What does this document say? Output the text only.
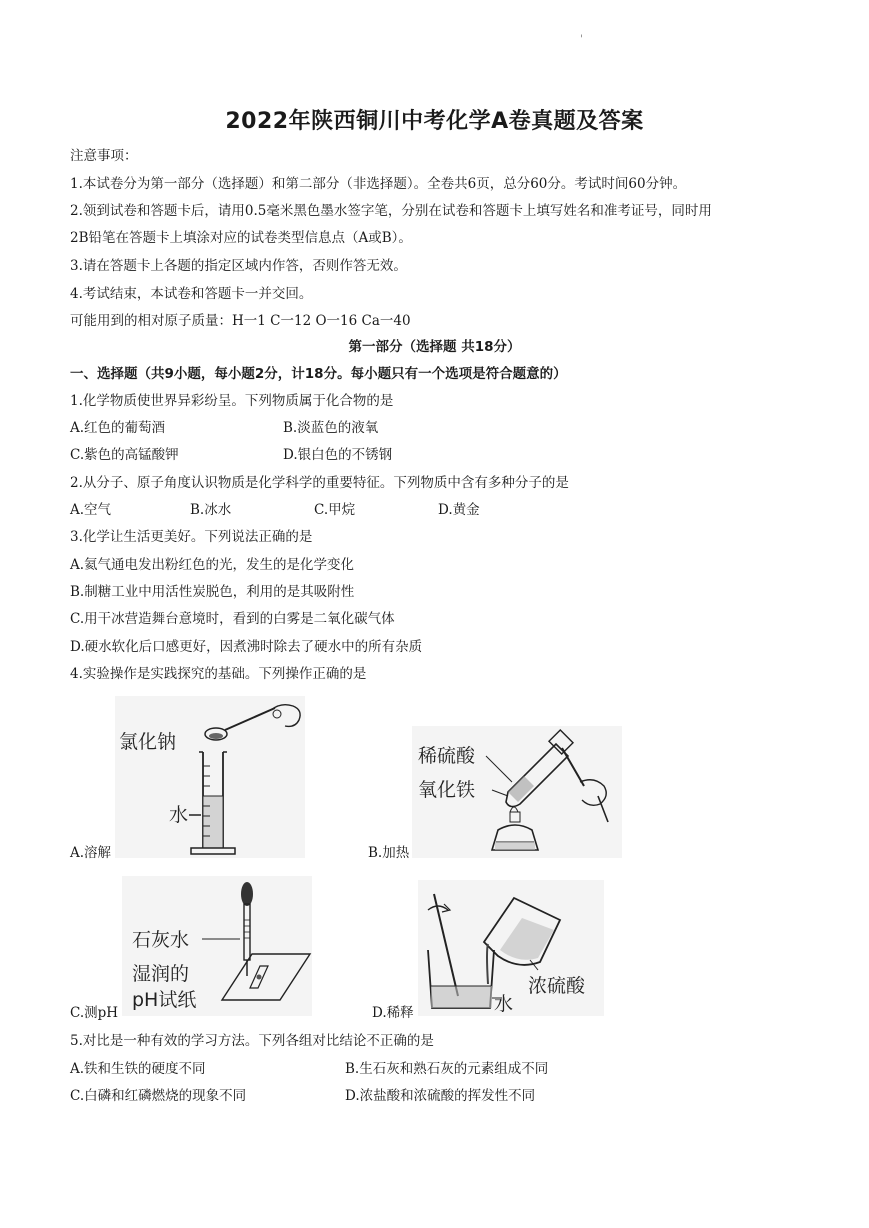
'
2022年陕西铜川中考化学A卷真题及答案
注意事项：
1.本试卷分为第一部分（选择题）和第二部分（非选择题）。全卷共6页，总分60分。考试时间60分钟。
2.领到试卷和答题卡后，请用0.5毫米黑色墨水签字笔，分别在试卷和答题卡上填写姓名和准考证号，同时用
2B铅笔在答题卡上填涂对应的试卷类型信息点（A或B）。
3.请在答题卡上各题的指定区域内作答，否则作答无效。
4.考试结束，本试卷和答题卡一并交回。
可能用到的相对原子质量：H一1 C一12 O一16 Ca一40
第一部分（选择题 共18分）
一、选择题（共9小题，每小题2分，计18分。每小题只有一个选项是符合题意的）
1.化学物质使世界异彩纷呈。下列物质属于化合物的是
A.红色的葡萄酒	B.淡蓝色的液氧
C.紫色的高锰酸钾	D.银白色的不锈钢
2.从分子、原子角度认识物质是化学科学的重要特征。下列物质中含有多种分子的是
A.空气	B.冰水	C.甲烷	D.黄金
3.化学让生活更美好。下列说法正确的是
A.氦气通电发出粉红色的光，发生的是化学变化
B.制糖工业中用活性炭脱色，利用的是其吸附性
C.用干冰营造舞台意境时，看到的白雾是二氧化碳气体
D.硬水软化后口感更好，因煮沸时除去了硬水中的所有杂质
4.实验操作是实践探究的基础。下列操作正确的是
氯化钠
水
A.溶解
稀硫酸
氧化铁
B.加热
石灰水
湿润的
pH试纸
C.测pH
浓硫酸
水
D.稀释
5.对比是一种有效的学习方法。下列各组对比结论不正确的是
A.铁和生铁的硬度不同	B.生石灰和熟石灰的元素组成不同
C.白磷和红磷燃烧的现象不同	D.浓盐酸和浓硫酸的挥发性不同
